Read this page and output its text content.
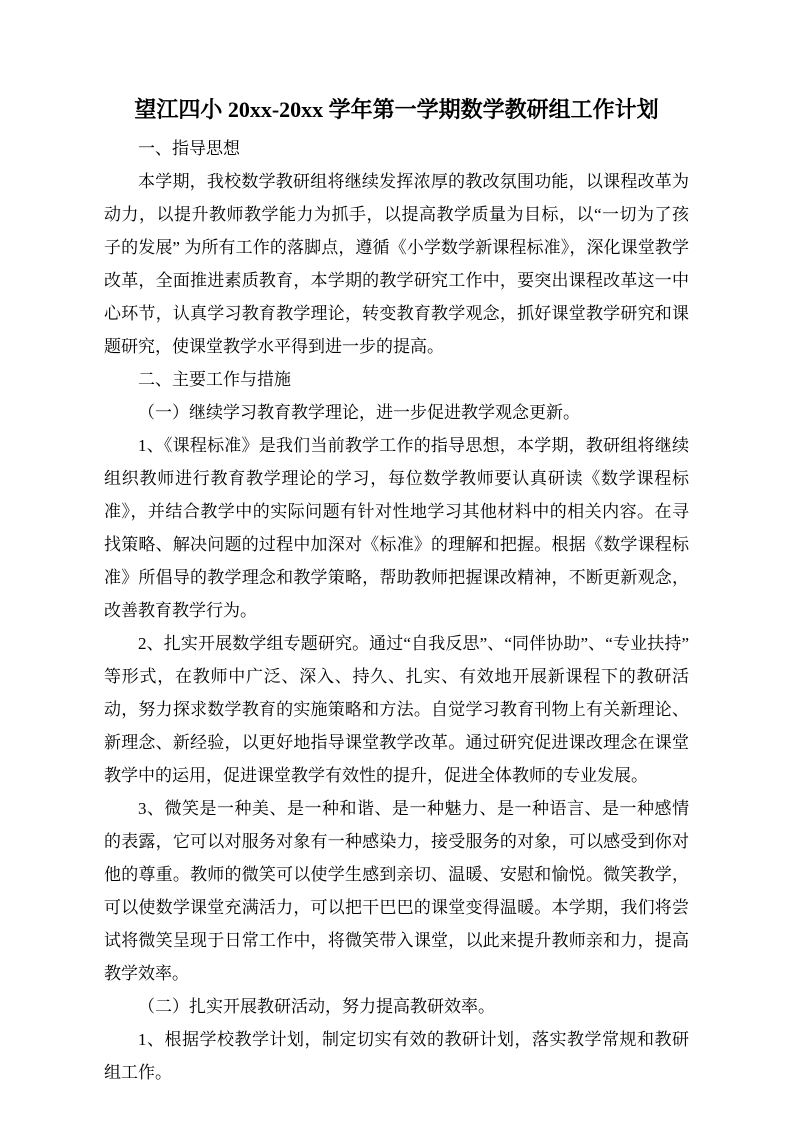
望江四小 20xx-20xx 学年第一学期数学教研组工作计划

一、指导思想

本学期，我校数学教研组将继续发挥浓厚的教改氛围功能，以课程改革为动力，以提升教师教学能力为抓手，以提高教学质量为目标，以“一切为了孩子的发展” 为所有工作的落脚点，遵循《小学数学新课程标准》，深化课堂教学改革，全面推进素质教育，本学期的教学研究工作中，要突出课程改革这一中心环节，认真学习教育教学理论，转变教育教学观念，抓好课堂教学研究和课题研究，使课堂教学水平得到进一步的提高。

二、主要工作与措施

（一）继续学习教育教学理论，进一步促进教学观念更新。

1、《课程标准》是我们当前教学工作的指导思想，本学期，教研组将继续组织教师进行教育教学理论的学习，每位数学教师要认真研读《数学课程标准》，并结合教学中的实际问题有针对性地学习其他材料中的相关内容。在寻找策略、解决问题的过程中加深对《标准》的理解和把握。根据《数学课程标准》所倡导的教学理念和教学策略，帮助教师把握课改精神，不断更新观念，改善教育教学行为。

2、扎实开展数学组专题研究。通过“自我反思”、“同伴协助”、“专业扶持”等形式，在教师中广泛、深入、持久、扎实、有效地开展新课程下的教研活动，努力探求数学教育的实施策略和方法。自觉学习教育刊物上有关新理论、新理念、新经验，以更好地指导课堂教学改革。通过研究促进课改理念在课堂教学中的运用，促进课堂教学有效性的提升，促进全体教师的专业发展。

3、微笑是一种美、是一种和谐、是一种魅力、是一种语言、是一种感情的表露，它可以对服务对象有一种感染力，接受服务的对象，可以感受到你对他的尊重。教师的微笑可以使学生感到亲切、温暖、安慰和愉悦。微笑教学，可以使数学课堂充满活力，可以把干巴巴的课堂变得温暖。本学期，我们将尝试将微笑呈现于日常工作中，将微笑带入课堂，以此来提升教师亲和力，提高教学效率。

（二）扎实开展教研活动，努力提高教研效率。

1、根据学校教学计划，制定切实有效的教研计划，落实教学常规和教研组工作。
